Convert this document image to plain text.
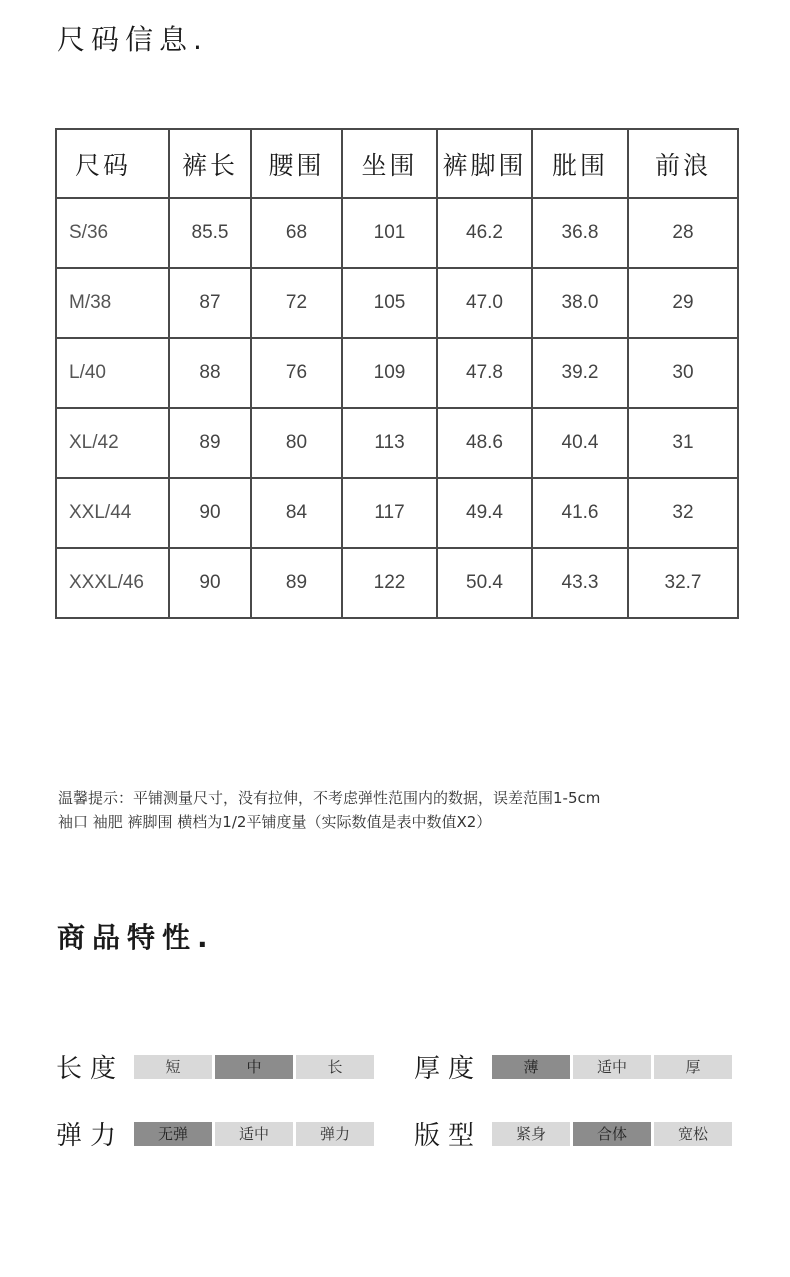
尺码信息.
尺码	裤长	腰围	坐围	裤脚围	肶围	前浪
S/36	85.5	68	101	46.2	36.8	28
M/38	87	72	105	47.0	38.0	29
L/40	88	76	109	47.8	39.2	30
XL/42	89	80	113	48.6	40.4	31
XXL/44	90	84	117	49.4	41.6	32
XXXL/46	90	89	122	50.4	43.3	32.7
温馨提示：平铺测量尺寸，没有拉伸，不考虑弹性范围内的数据，误差范围1-5cm
袖口 袖肥 裤脚围 横档为1/2平铺度量（实际数值是表中数值X2）
商品特性.
长度	短	中	长	厚度	薄	适中	厚
弹力	无弹	适中	弹力	版型	紧身	合体	宽松
